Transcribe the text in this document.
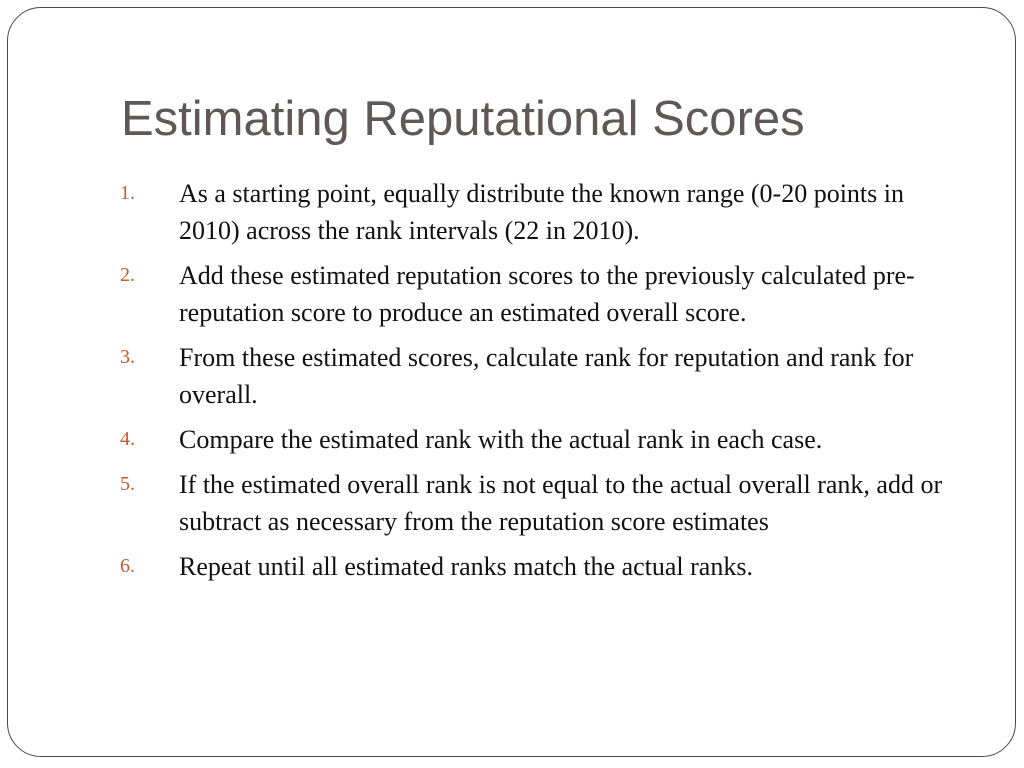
Estimating Reputational Scores
1. As a starting point, equally distribute the known range (0-20 points in 2010) across the rank intervals (22 in 2010).
2. Add these estimated reputation scores to the previously calculated pre-reputation score to produce an estimated overall score.
3. From these estimated scores, calculate rank for reputation and rank for overall.
4. Compare the estimated rank with the actual rank in each case.
5. If the estimated overall rank is not equal to the actual overall rank, add or subtract as necessary from the reputation score estimates
6. Repeat until all estimated ranks match the actual ranks.
